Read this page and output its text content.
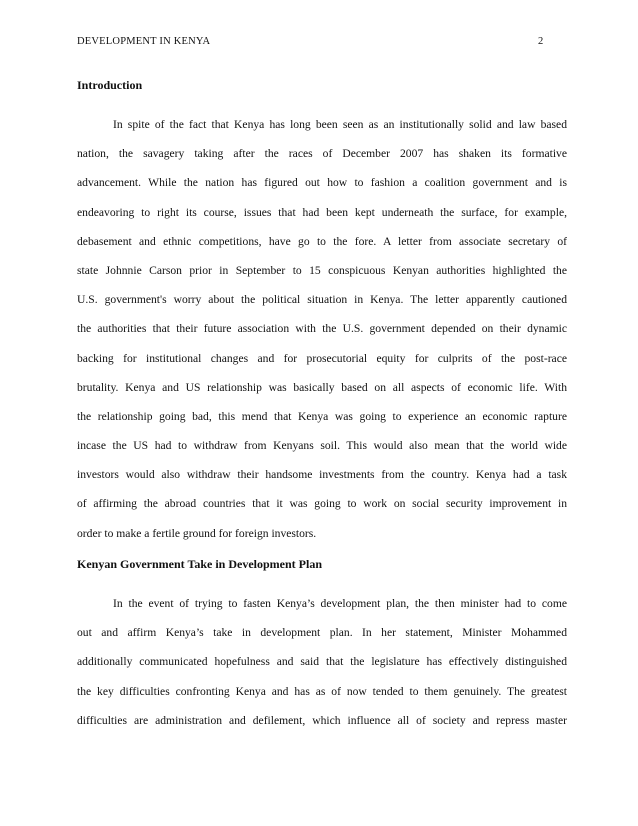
DEVELOPMENT IN KENYA	2
Introduction
In spite of the fact that Kenya has long been seen as an institutionally solid and law based
nation, the savagery taking after the races of December 2007 has shaken its formative
advancement. While the nation has figured out how to fashion a coalition government and is
endeavoring to right its course, issues that had been kept underneath the surface, for example,
debasement and ethnic competitions, have go to the fore. A letter from associate secretary of
state Johnnie Carson prior in September to 15 conspicuous Kenyan authorities highlighted the
U.S. government's worry about the political situation in Kenya. The letter apparently cautioned
the authorities that their future association with the U.S. government depended on their dynamic
backing for institutional changes and for prosecutorial equity for culprits of the post-race
brutality. Kenya and US relationship was basically based on all aspects of economic life. With
the relationship going bad, this mend that Kenya was going to experience an economic rapture
incase the US had to withdraw from Kenyans soil. This would also mean that the world wide
investors would also withdraw their handsome investments from the country. Kenya had a task
of affirming the abroad countries that it was going to work on social security improvement in
order to make a fertile ground for foreign investors.
Kenyan Government Take in Development Plan
In the event of trying to fasten Kenya’s development plan, the then minister had to come
out and affirm Kenya’s take in development plan. In her statement, Minister Mohammed
additionally communicated hopefulness and said that the legislature has effectively distinguished
the key difficulties confronting Kenya and has as of now tended to them genuinely. The greatest
difficulties are administration and defilement, which influence all of society and repress master
